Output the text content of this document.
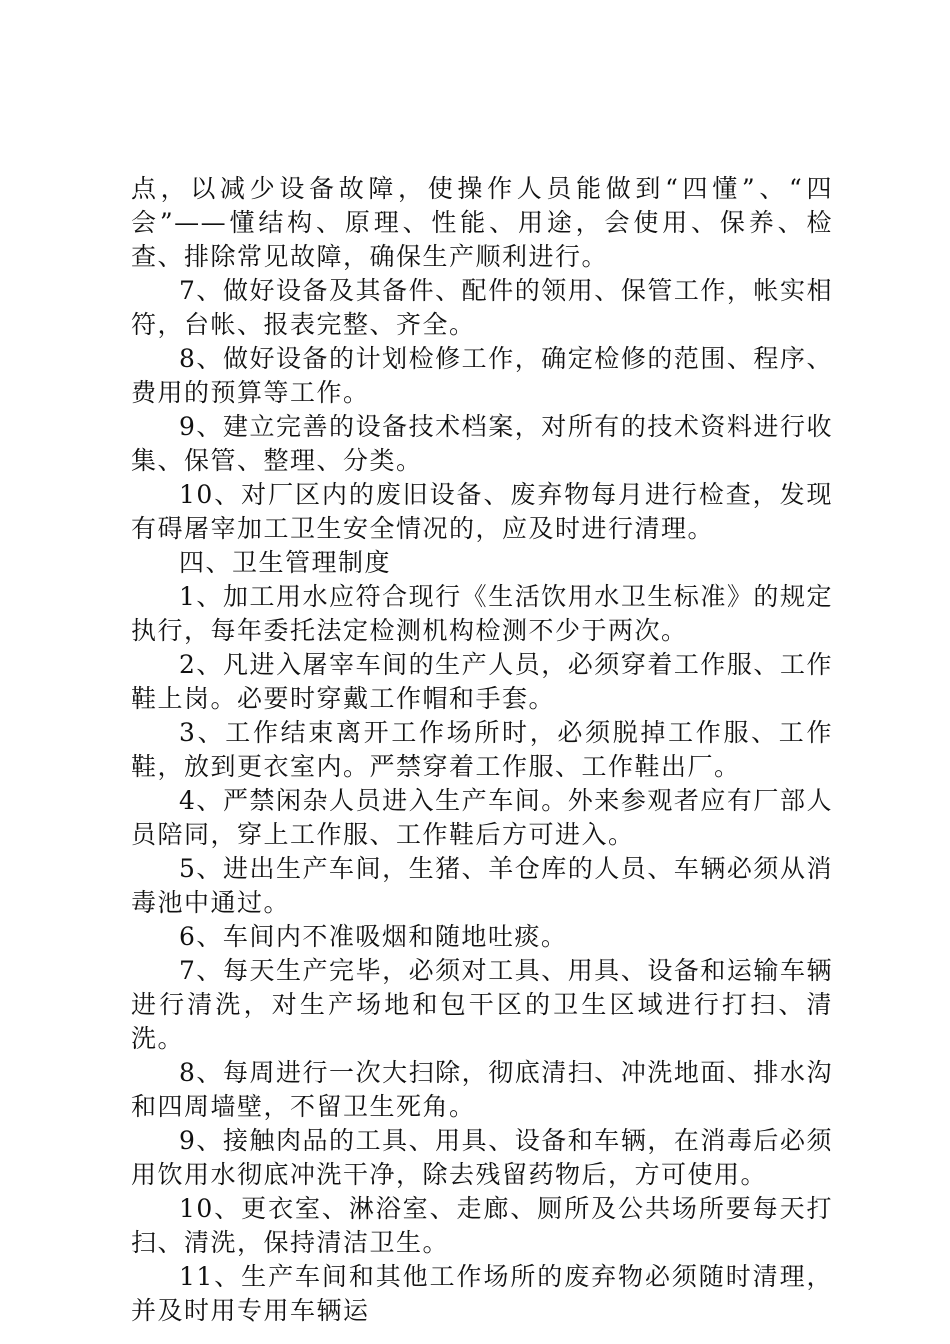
点，以减少设备故障，使操作人员能做到“四懂”、“四会”——懂结构、原理、性能、用途，会使用、保养、检查、排除常见故障，确保生产顺利进行。

7、做好设备及其备件、配件的领用、保管工作，帐实相符，台帐、报表完整、齐全。

8、做好设备的计划检修工作，确定检修的范围、程序、费用的预算等工作。

9、建立完善的设备技术档案，对所有的技术资料进行收集、保管、整理、分类。

10、对厂区内的废旧设备、废弃物每月进行检查，发现有碍屠宰加工卫生安全情况的，应及时进行清理。

四、卫生管理制度

1、加工用水应符合现行《生活饮用水卫生标准》的规定执行，每年委托法定检测机构检测不少于两次。

2、凡进入屠宰车间的生产人员，必须穿着工作服、工作鞋上岗。必要时穿戴工作帽和手套。

3、工作结束离开工作场所时，必须脱掉工作服、工作鞋，放到更衣室内。严禁穿着工作服、工作鞋出厂。

4、严禁闲杂人员进入生产车间。外来参观者应有厂部人员陪同，穿上工作服、工作鞋后方可进入。

5、进出生产车间，生猪、羊仓库的人员、车辆必须从消毒池中通过。

6、车间内不准吸烟和随地吐痰。

7、每天生产完毕，必须对工具、用具、设备和运输车辆进行清洗，对生产场地和包干区的卫生区域进行打扫、清洗。

8、每周进行一次大扫除，彻底清扫、冲洗地面、排水沟和四周墙壁，不留卫生死角。

9、接触肉品的工具、用具、设备和车辆，在消毒后必须用饮用水彻底冲洗干净，除去残留药物后，方可使用。

10、更衣室、淋浴室、走廊、厕所及公共场所要每天打扫、清洗，保持清洁卫生。

11、生产车间和其他工作场所的废弃物必须随时清理，并及时用专用车辆运
